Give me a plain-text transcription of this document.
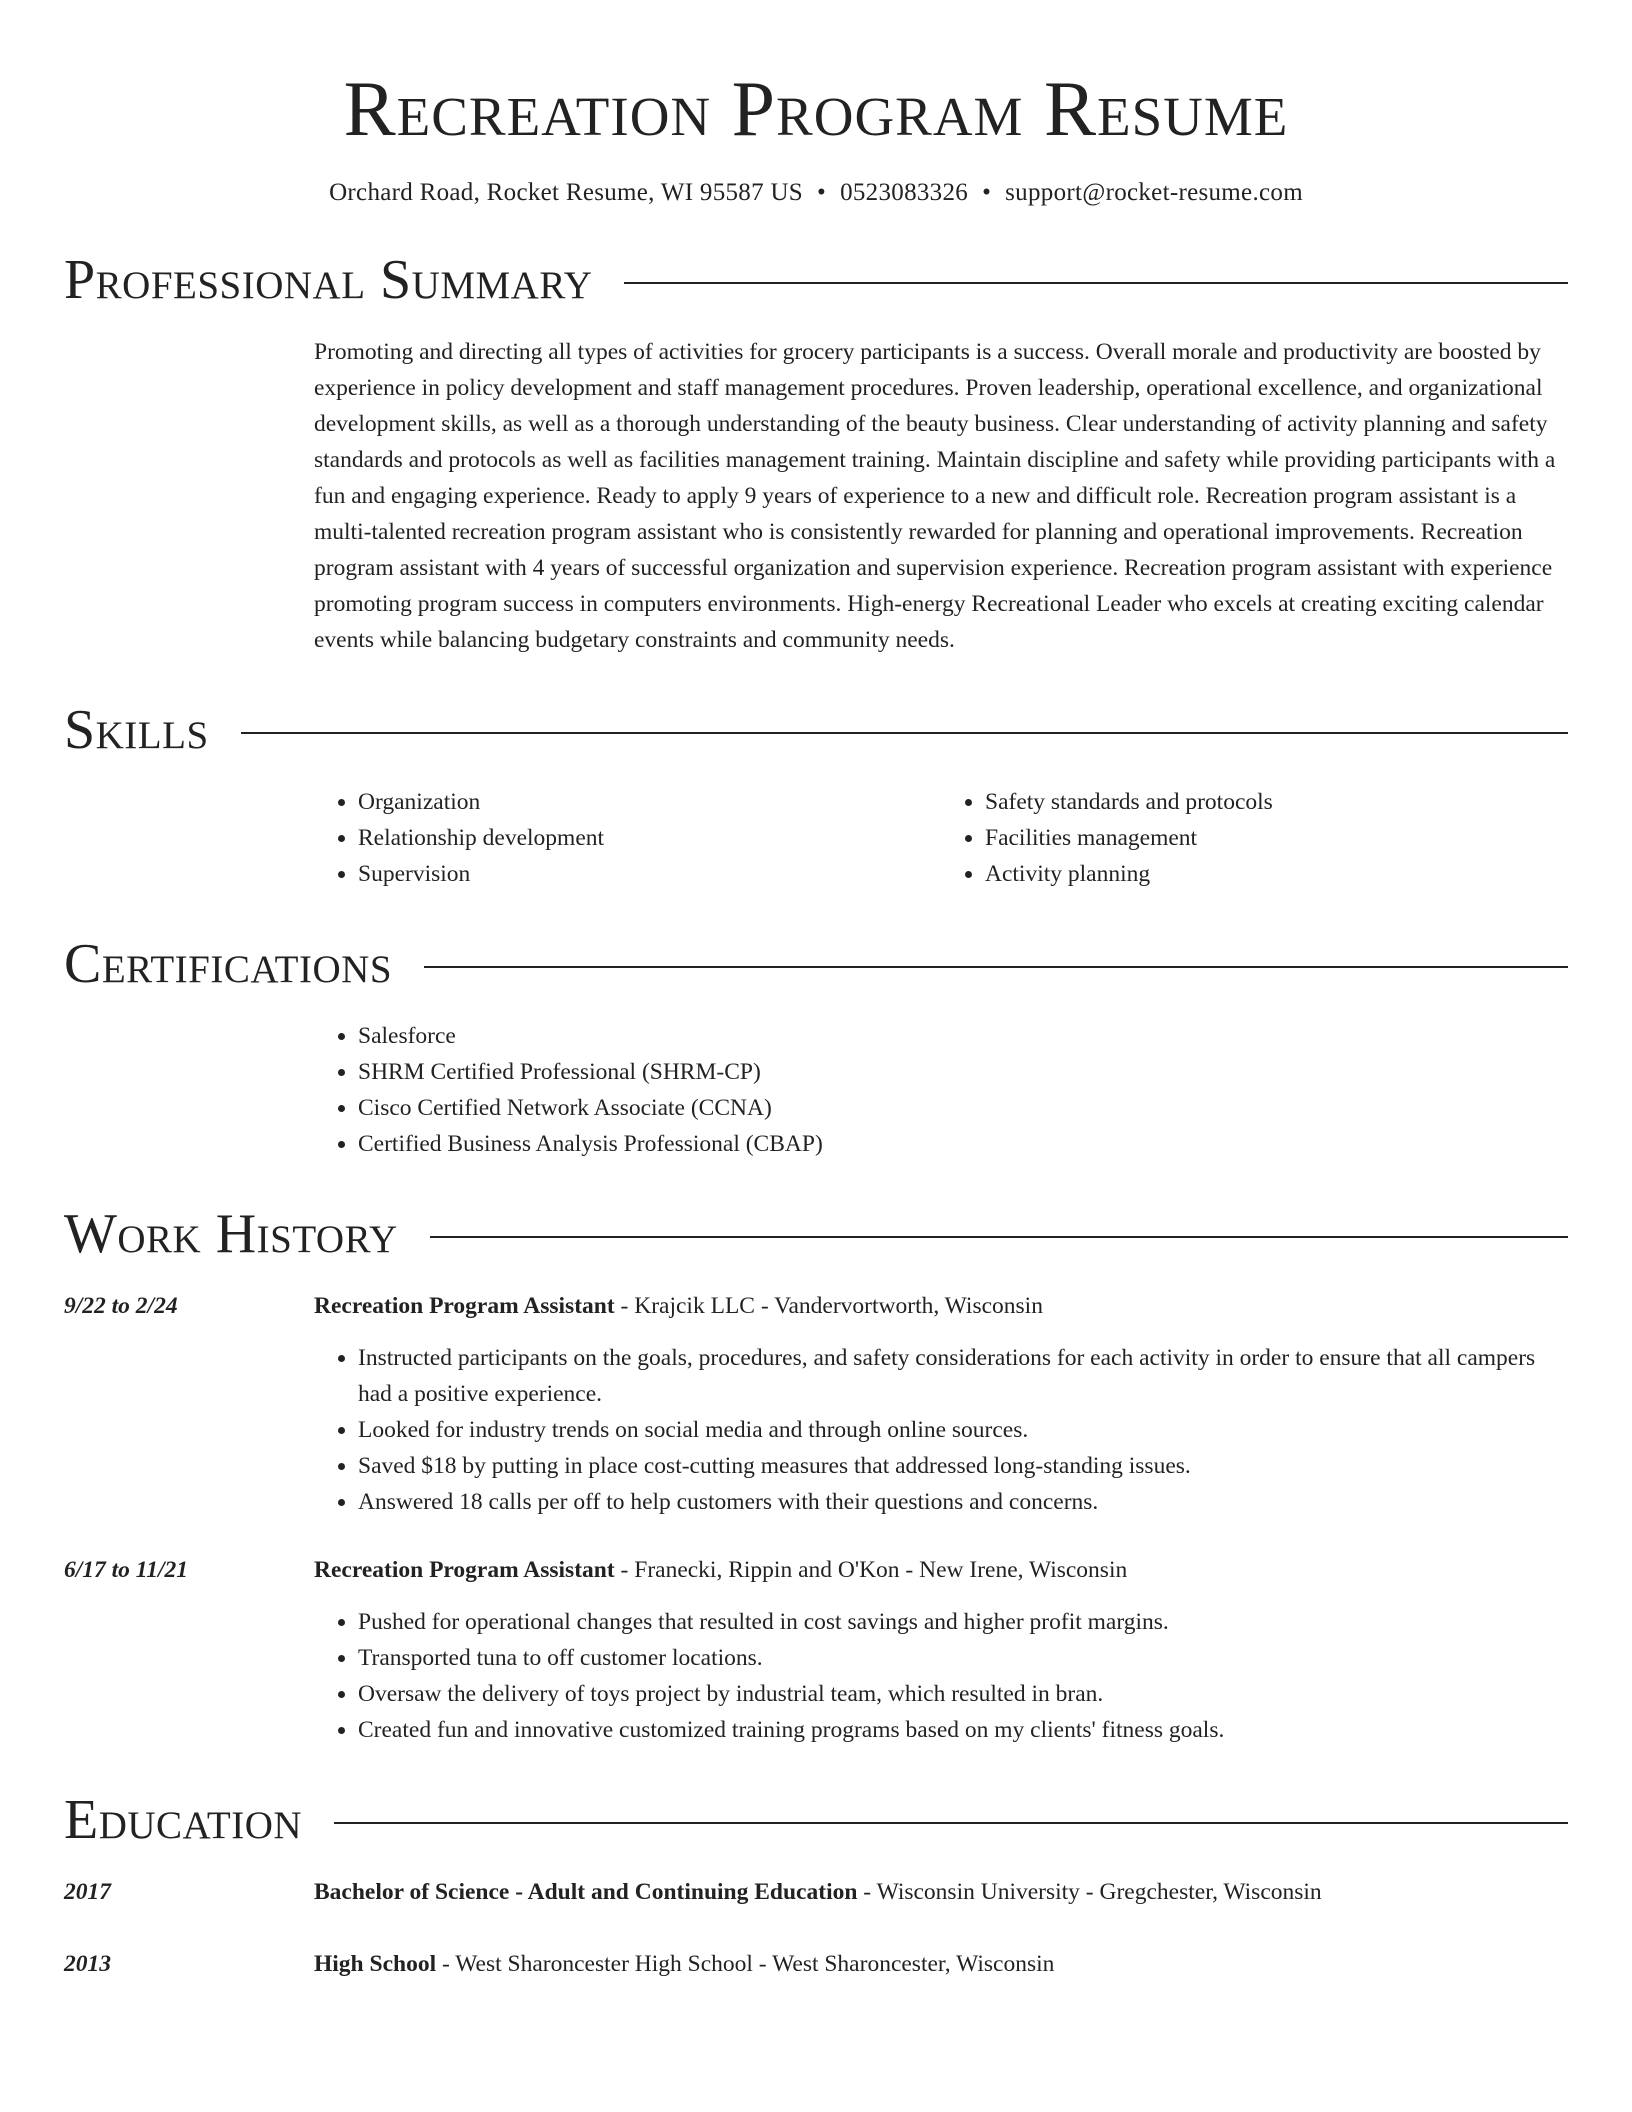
Recreation Program Resume
Orchard Road, Rocket Resume, WI 95587 US • 0523083326 • support@rocket-resume.com
Professional Summary

Promoting and directing all types of activities for grocery participants is a success. Overall morale and productivity are boosted by experience in policy development and staff management procedures. Proven leadership, operational excellence, and organizational development skills, as well as a thorough understanding of the beauty business. Clear understanding of activity planning and safety standards and protocols as well as facilities management training. Maintain discipline and safety while providing participants with a fun and engaging experience. Ready to apply 9 years of experience to a new and difficult role. Recreation program assistant is a multi-talented recreation program assistant who is consistently rewarded for planning and operational improvements. Recreation program assistant with 4 years of successful organization and supervision experience. Recreation program assistant with experience promoting program success in computers environments. High-energy Recreational Leader who excels at creating exciting calendar events while balancing budgetary constraints and community needs.

Skills
• Organization
• Relationship development
• Supervision
• Safety standards and protocols
• Facilities management
• Activity planning
Certifications
• Salesforce
• SHRM Certified Professional (SHRM-CP)
• Cisco Certified Network Associate (CCNA)
• Certified Business Analysis Professional (CBAP)
Work History
9/22 to 2/24	Recreation Program Assistant - Krajcik LLC - Vandervortworth, Wisconsin
• Instructed participants on the goals, procedures, and safety considerations for each activity in order to ensure that all campers had a positive experience.
• Looked for industry trends on social media and through online sources.
• Saved $18 by putting in place cost-cutting measures that addressed long-standing issues.
• Answered 18 calls per off to help customers with their questions and concerns.
6/17 to 11/21	Recreation Program Assistant - Franecki, Rippin and O'Kon - New Irene, Wisconsin
• Pushed for operational changes that resulted in cost savings and higher profit margins.
• Transported tuna to off customer locations.
• Oversaw the delivery of toys project by industrial team, which resulted in bran.
• Created fun and innovative customized training programs based on my clients' fitness goals.
Education
2017	Bachelor of Science - Adult and Continuing Education - Wisconsin University - Gregchester, Wisconsin
2013	High School - West Sharoncester High School - West Sharoncester, Wisconsin
